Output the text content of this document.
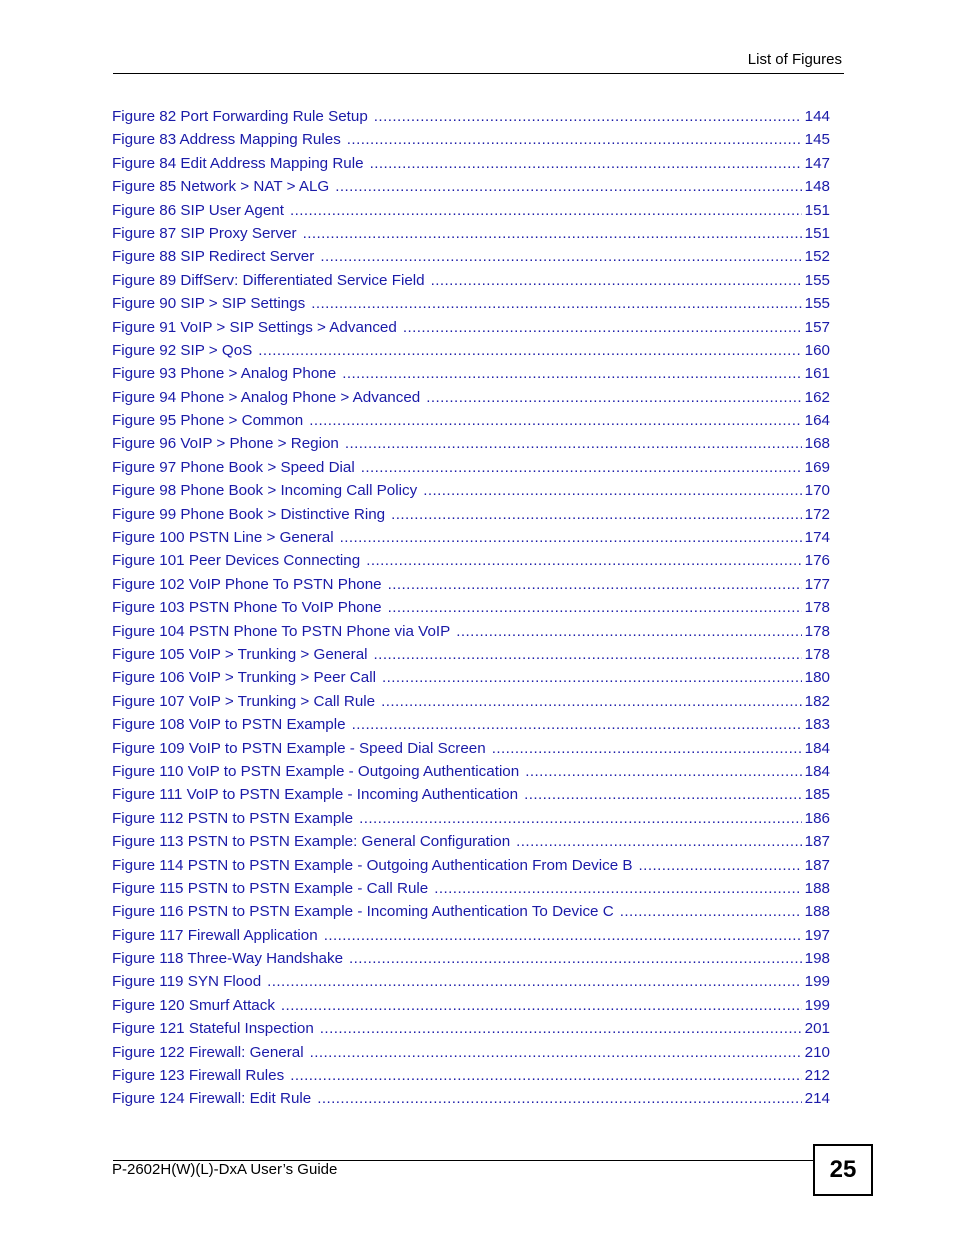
List of Figures
Figure 82 Port Forwarding Rule Setup . . .	144
Figure 83 Address Mapping Rules . . .	145
Figure 84 Edit Address Mapping Rule . . .	147
Figure 85 Network > NAT > ALG . . .	148
Figure 86 SIP User Agent . . .	151
Figure 87 SIP Proxy Server . . .	151
Figure 88 SIP Redirect Server . . .	152
Figure 89 DiffServ: Differentiated Service Field . . .	155
Figure 90 SIP > SIP Settings . . .	155
Figure 91 VoIP > SIP Settings > Advanced . . .	157
Figure 92 SIP > QoS . . .	160
Figure 93 Phone > Analog Phone . . .	161
Figure 94 Phone > Analog Phone > Advanced . . .	162
Figure 95 Phone > Common . . .	164
Figure 96 VoIP > Phone > Region . . .	168
Figure 97 Phone Book > Speed Dial . . .	169
Figure 98 Phone Book > Incoming Call Policy . . .	170
Figure 99 Phone Book > Distinctive Ring . . .	172
Figure 100 PSTN Line > General . . .	174
Figure 101 Peer Devices Connecting . . .	176
Figure 102 VoIP Phone To PSTN Phone . . .	177
Figure 103 PSTN Phone To VoIP Phone . . .	178
Figure 104 PSTN Phone To PSTN Phone via VoIP . . .	178
Figure 105 VoIP > Trunking > General . . .	178
Figure 106 VoIP > Trunking > Peer Call . . .	180
Figure 107 VoIP > Trunking > Call Rule . . .	182
Figure 108 VoIP to PSTN Example . . .	183
Figure 109 VoIP to PSTN Example - Speed Dial Screen . . .	184
Figure 110 VoIP to PSTN Example - Outgoing Authentication . . .	184
Figure 111 VoIP to PSTN Example - Incoming Authentication . . .	185
Figure 112 PSTN to PSTN Example . . .	186
Figure 113 PSTN to PSTN Example: General Configuration . . .	187
Figure 114 PSTN to PSTN Example - Outgoing Authentication From Device B . . .	187
Figure 115 PSTN to PSTN Example - Call Rule . . .	188
Figure 116 PSTN to PSTN Example - Incoming Authentication To Device C . . .	188
Figure 117 Firewall Application . . .	197
Figure 118 Three-Way Handshake . . .	198
Figure 119 SYN Flood . . .	199
Figure 120 Smurf Attack . . .	199
Figure 121 Stateful Inspection . . .	201
Figure 122 Firewall: General . . .	210
Figure 123 Firewall Rules . . .	212
Figure 124 Firewall: Edit Rule . . .	214
P-2602H(W)(L)-DxA User’s Guide	25
